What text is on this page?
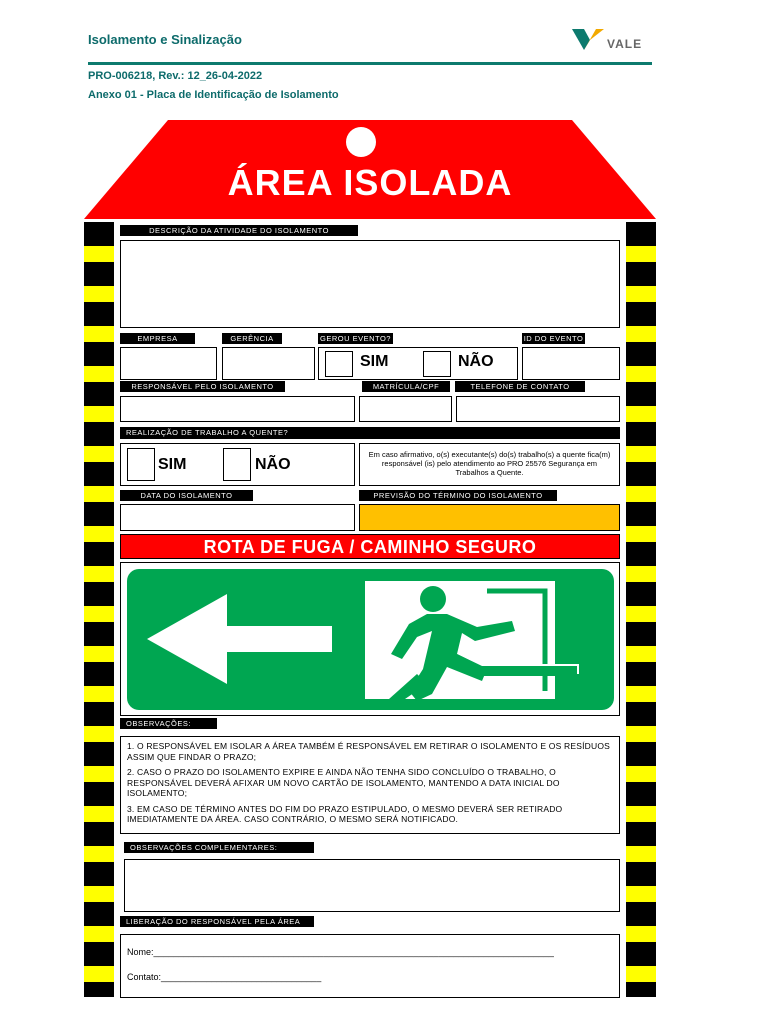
Isolamento e Sinalização	VALE
PRO-006218, Rev.: 12_26-04-2022
Anexo 01 - Placa de Identificação de Isolamento
ÁREA ISOLADA
DESCRIÇÃO DA ATIVIDADE DO ISOLAMENTO
EMPRESA	GERÊNCIA	GEROU EVENTO?	ID DO EVENTO
SIM	NÃO
RESPONSÁVEL PELO ISOLAMENTO	MATRÍCULA/CPF	TELEFONE DE CONTATO
REALIZAÇÃO DE TRABALHO A QUENTE?
SIM	NÃO
Em caso afirmativo, o(s) executante(s) do(s) trabalho(s) a quente fica(m) responsável (is) pelo atendimento ao PRO 25576 Segurança em Trabalhos a Quente.
DATA DO ISOLAMENTO	PREVISÃO DO TÉRMINO DO ISOLAMENTO
ROTA DE FUGA / CAMINHO SEGURO
OBSERVAÇÕES:

1. O RESPONSÁVEL EM ISOLAR A ÁREA TAMBÉM É RESPONSÁVEL EM RETIRAR O ISOLAMENTO E OS RESÍDUOS ASSIM QUE FINDAR O PRAZO;

2. CASO O PRAZO DO ISOLAMENTO EXPIRE E AINDA NÃO TENHA SIDO CONCLUÍDO O TRABALHO, O RESPONSÁVEL DEVERÁ AFIXAR UM NOVO CARTÃO DE ISOLAMENTO, MANTENDO A DATA INICIAL DO ISOLAMENTO;

3. EM CASO DE TÉRMINO ANTES DO FIM DO PRAZO ESTIPULADO, O MESMO DEVERÁ SER RETIRADO IMEDIATAMENTE DA ÁREA. CASO CONTRÁRIO, O MESMO SERÁ NOTIFICADO.

OBSERVAÇÕES COMPLEMENTARES:
LIBERAÇÃO DO RESPONSÁVEL PELA ÁREA
Nome:________________________________________________________________________________
Contato:________________________________
